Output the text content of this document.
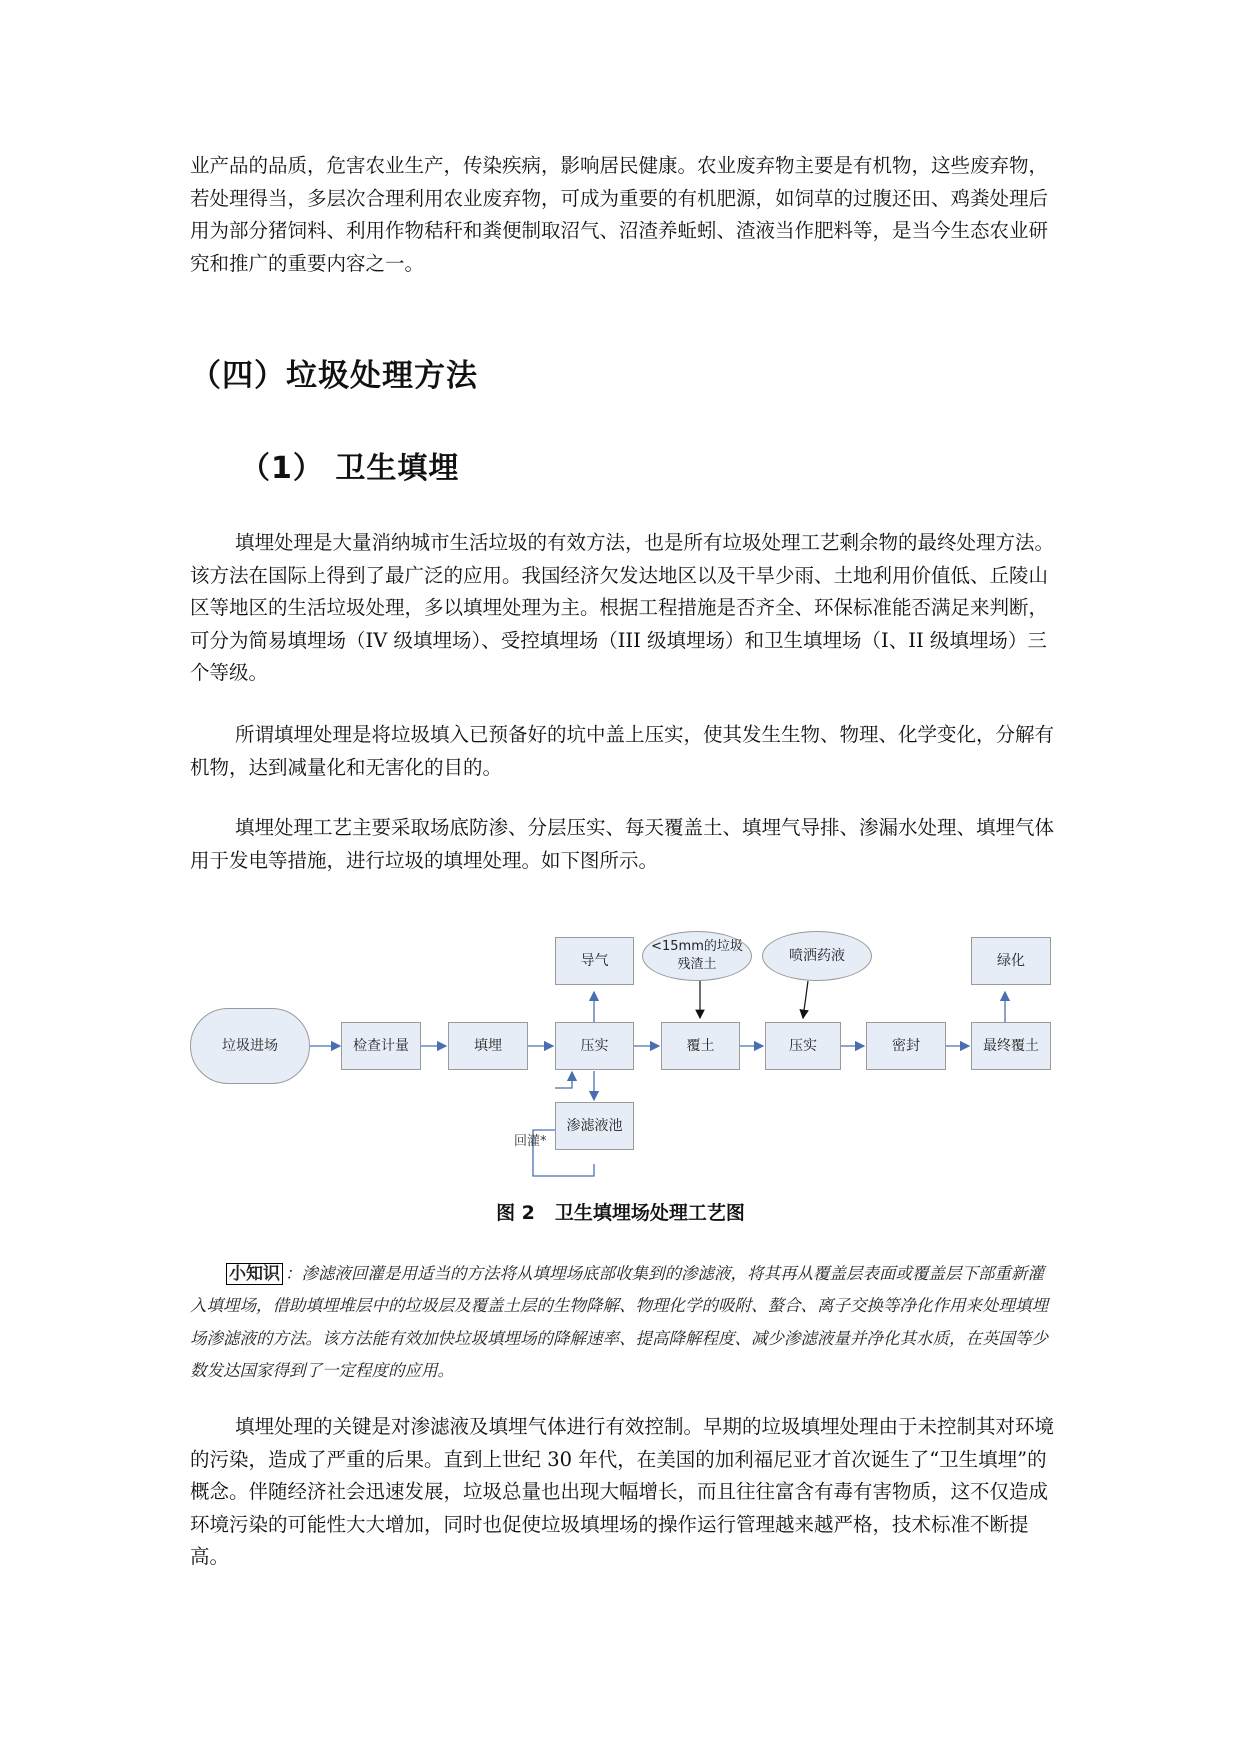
业产品的品质，危害农业生产，传染疾病，影响居民健康。农业废弃物主要是有机物，这些废弃物，若处理得当，多层次合理利用农业废弃物，可成为重要的有机肥源，如饲草的过腹还田、鸡粪处理后用为部分猪饲料、利用作物秸秆和粪便制取沼气、沼渣养蚯蚓、渣液当作肥料等，是当今生态农业研究和推广的重要内容之一。

（四）垃圾处理方法
（1） 卫生填埋

填埋处理是大量消纳城市生活垃圾的有效方法，也是所有垃圾处理工艺剩余物的最终处理方法。该方法在国际上得到了最广泛的应用。我国经济欠发达地区以及干旱少雨、土地利用价值低、丘陵山区等地区的生活垃圾处理，多以填埋处理为主。根据工程措施是否齐全、环保标准能否满足来判断，可分为简易填埋场（IV 级填埋场）、受控填埋场（III 级填埋场）和卫生填埋场（I、II 级填埋场）三个等级。

所谓填埋处理是将垃圾填入已预备好的坑中盖上压实，使其发生生物、物理、化学变化，分解有机物，达到减量化和无害化的目的。

填埋处理工艺主要采取场底防渗、分层压实、每天覆盖土、填埋气导排、渗漏水处理、填埋气体用于发电等措施，进行垃圾的填埋处理。如下图所示。

垃圾进场	检查计量	填埋	压实	覆土	压实	密封	最终覆土
导气
<15mm的垃圾
残渣土
喷洒药液	绿化
渗滤液池
回灌*

图 2 卫生填埋场处理工艺图

小知识 ：渗滤液回灌是用适当的方法将从填埋场底部收集到的渗滤液，将其再从覆盖层表面或覆盖层下部重新灌入填埋场，借助填埋堆层中的垃圾层及覆盖土层的生物降解、物理化学的吸附、螯合、离子交换等净化作用来处理填埋场渗滤液的方法。该方法能有效加快垃圾填埋场的降解速率、提高降解程度、减少渗滤液量并净化其水质，在英国等少数发达国家得到了一定程度的应用。

填埋处理的关键是对渗滤液及填埋气体进行有效控制。早期的垃圾填埋处理由于未控制其对环境的污染，造成了严重的后果。直到上世纪 30 年代，在美国的加利福尼亚才首次诞生了“卫生填埋”的概念。伴随经济社会迅速发展，垃圾总量也出现大幅增长，而且往往富含有毒有害物质，这不仅造成环境污染的可能性大大增加，同时也促使垃圾填埋场的操作运行管理越来越严格，技术标准不断提高。
